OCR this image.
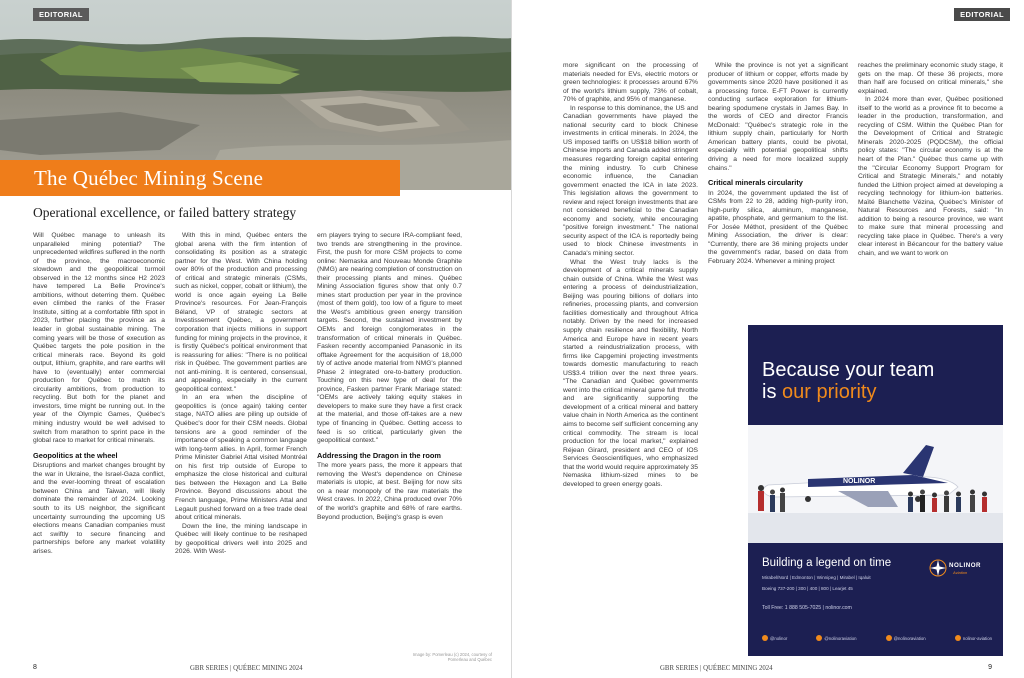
EDITORIAL
The Québec Mining Scene
Operational excellence, or failed battery strategy

Will Québec manage to unleash its unparalleled mining potential? The unprecedented wildfires suffered in the north of the province, the macroeconomic slowdown and the geopolitical turmoil observed in the 12 months since H2 2023 have tempered La Belle Province's ambitions, without deterring them. Québec even climbed the ranks of the Fraser Institute, sitting at a comfortable fifth spot in 2023, further placing the province as a leader in global sustainable mining. The coming years will be those of execution as Québec targets the pole position in the critical minerals race. Beyond its gold output, lithium, graphite, and rare earths will have to (eventually) enter commercial production for Québec to match its circularity ambitions, from production to recycling. But both for the planet and investors, time might be running out. In the year of the Olympic Games, Québec's mining industry would be well advised to switch from marathon to sprint pace in the global race to market for critical minerals.

Geopolitics at the wheel

Disruptions and market changes brought by the war in Ukraine, the Israel-Gaza conflict, and the ever-looming threat of escalation between China and Taiwan, will likely dominate the remainder of 2024. Looking south to its US neighbor, the significant uncertainty surrounding the upcoming US elections means Canadian companies must act swiftly to secure financing and partnerships before any market volatility arises.

With this in mind, Québec enters the global arena with the firm intention of consolidating its position as a strategic partner for the West. With China holding over 80% of the production and processing of critical and strategic minerals (CSMs, such as nickel, copper, cobalt or lithium), the world is once again eyeing La Belle Province's resources. For Jean-François Béland, VP of strategic sectors at Investissement Québec, a government corporation that injects millions in support funding for mining projects in the province, it is firstly Québec's political environment that is reassuring for allies: "There is no political risk in Québec. The government parties are not anti-mining. It is centered, consensual, and appealing, especially in the current geopolitical context."

In an era when the discipline of geopolitics is (once again) taking center stage, NATO allies are piling up outside of Québec's door for their CSM needs. Global tensions are a good reminder of the importance of speaking a common language with long-term allies. In April, former French Prime Minister Gabriel Attal visited Montréal on his first trip outside of Europe to emphasize the close historical and cultural ties between the Hexagon and La Belle Province. Beyond discussions about the French language, Prime Ministers Attal and Legault pushed forward on a free trade deal about critical minerals.

Down the line, the mining landscape in Québec will likely continue to be reshaped by geopolitical drivers well into 2025 and 2026. With West-

ern players trying to secure IRA-compliant feed, two trends are strengthening in the province. First, the push for more CSM projects to come online: Nemaska and Nouveau Monde Graphite (NMG) are nearing completion of construction on their processing plants and mines. Québec Mining Association figures show that only 0.7 mines start production per year in the province (most of them gold), too low of a figure to meet the West's ambitious green energy transition targets. Second, the sustained investment by OEMs and foreign conglomerates in the transformation of critical minerals in Québec. Fasken recently accompanied Panasonic in its offtake Agreement for the acquisition of 18,000 t/y of active anode material from NMG's planned Phase 2 integrated ore-to-battery production. Touching on this new type of deal for the province, Fasken partner Frank Mariage stated: "OEMs are actively taking equity stakes in developers to make sure they have a first crack at the material, and those off-takes are a new type of financing in Québec. Getting access to feed is so critical, particularly given the geopolitical context."

Addressing the Dragon in the room

The more years pass, the more it appears that removing the West's dependence on Chinese materials is utopic, at best. Beijing for now sits on a near monopoly of the raw materials the West craves. In 2022, China produced over 70% of the world's graphite and 68% of rare earths. Beyond production, Beijing's grasp is even

Image by: Pomerleau (c) 2024, courtesy of Pomerleau and Québec
8	GBR SERIES | QUÉBEC MINING 2024
EDITORIAL

more significant on the processing of materials needed for EVs, electric motors or green technologies: it processes around 67% of the world's lithium supply, 73% of cobalt, 70% of graphite, and 95% of manganese.

In response to this dominance, the US and Canadian governments have played the national security card to block Chinese investments in critical minerals. In 2024, the US imposed tariffs on US$18 billion worth of Chinese imports and Canada added stringent measures regarding foreign capital entering the mining industry. To curb Chinese economic influence, the Canadian government enacted the ICA in late 2023. This legislation allows the government to review and reject foreign investments that are not considered beneficial to the Canadian economy and society, while encouraging "positive foreign investment." The national security aspect of the ICA is reportedly being used to block Chinese investments in Canada's mining sector.

What the West truly lacks is the development of a critical minerals supply chain outside of China. While the West was entering a process of deindustrialization, Beijing was pouring billions of dollars into refineries, processing plants, and conversion facilities domestically and throughout Africa notably. Driven by the need for increased supply chain resilience and flexibility, North America and Europe have in recent years started a reindustrialization process, with firms like Capgemini projecting investments towards domestic manufacturing to reach US$3.4 trillion over the next three years. "The Canadian and Québec governments went into the critical mineral game full throttle and are significantly supporting the development of a critical mineral and battery value chain in North America as the continent aims to become self sufficient concerning any critical commodity. The stream is local production for the local market," explained Réjean Girard, president and CEO of IOS Services Geoscientifiques, who emphasized that the world would require approximately 35 Nemaska lithium-sized mines to be developed to green energy goals.

While the province is not yet a significant producer of lithium or copper, efforts made by governments since 2020 have positioned it as a processing force. E-FT Power is currently conducting surface exploration for lithium-bearing spodumene crystals in James Bay. In the words of CEO and director Francis McDonald: "Québec's strategic role in the lithium supply chain, particularly for North American battery plants, could be pivotal, especially with potential geopolitical shifts driving a need for more localized supply chains."

Critical minerals circularity

In 2024, the government updated the list of CSMs from 22 to 28, adding high-purity iron, high-purity silica, aluminum, manganese, apatite, phosphate, and germanium to the list. For Josée Méthot, president of the Québec Mining Association, the driver is clear: "Currently, there are 36 mining projects under the government's radar, based on data from February 2024. Whenever a mining project

reaches the preliminary economic study stage, it gets on the map. Of these 36 projects, more than half are focused on critical minerals," she explained.

In 2024 more than ever, Québec positioned itself to the world as a province fit to become a leader in the production, transformation, and recycling of CSM. Within the Québec Plan for the Development of Critical and Strategic Minerals 2020-2025 (PQDCSM), the official policy states: "The circular economy is at the heart of the Plan." Québec thus came up with the "Circular Economy Support Program for Critical and Strategic Minerals," and notably funded the Lithion project aimed at developing a recycling technology for lithium-ion batteries. Maïté Blanchette Vézina, Québec's Minister of Natural Resources and Forests, said: "In addition to being a resource province, we want to make sure that mineral processing and recycling take place in Québec. There's a very clear interest in Bécancour for the battery value chain, and we want to work on

Because your team
is our priority
NOLINOR
Building a legend on time
Mirabel/Nord | Edmonton | Winnipeg | Mirabel | Iqaluit
Boeing 737-200 | 300 | 400 | 800 | Learjet 45
Toll Free: 1 888 505-7025 | nolinor.com
NOLINOR
Aviation
@nolinor	@nolinoraviation	@nolinoraviation	nolinor-aviation
GBR SERIES | QUÉBEC MINING 2024	9
